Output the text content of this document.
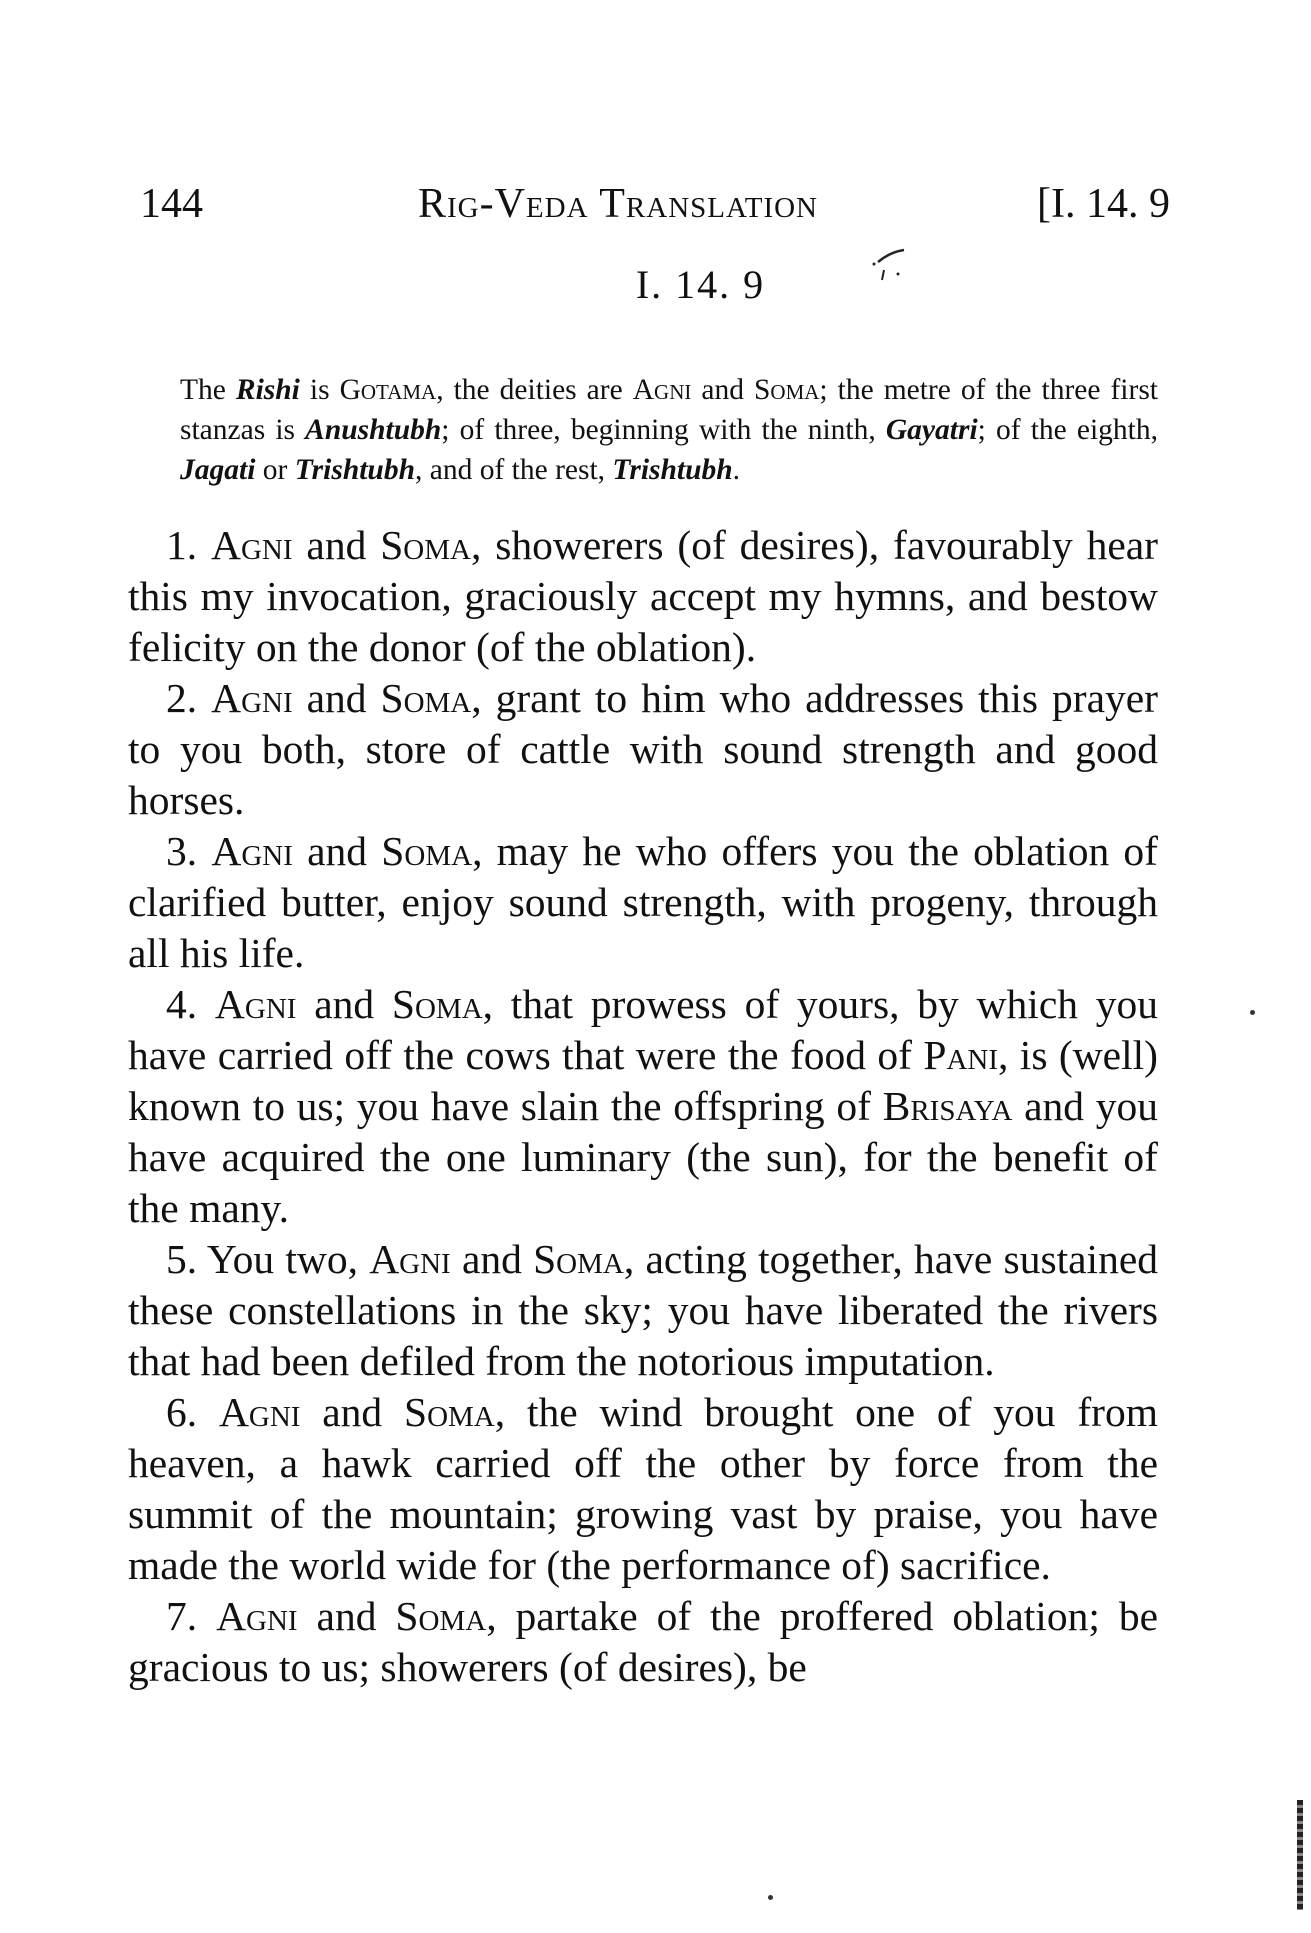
144	Rig-Veda Translation	[I. 14. 9
I. 14. 9

The Rishi is Gotama, the deities are Agni and Soma; the metre of the three first stanzas is Anushtubh; of three, beginning with the ninth, Gayatri; of the eighth, Jagati or Trishtubh, and of the rest, Trishtubh.

1. Agni and Soma, showerers (of desires), favourably hear this my invocation, graciously accept my hymns, and bestow felicity on the donor (of the oblation).

2. Agni and Soma, grant to him who addresses this prayer to you both, store of cattle with sound strength and good horses.

3. Agni and Soma, may he who offers you the oblation of clarified butter, enjoy sound strength, with progeny, through all his life.

4. Agni and Soma, that prowess of yours, by which you have carried off the cows that were the food of Pani, is (well) known to us; you have slain the offspring of Brisaya and you have acquired the one luminary (the sun), for the benefit of the many.

5. You two, Agni and Soma, acting together, have sustained these constellations in the sky; you have liberated the rivers that had been defiled from the notorious imputation.

6. Agni and Soma, the wind brought one of you from heaven, a hawk carried off the other by force from the summit of the mountain; growing vast by praise, you have made the world wide for (the performance of) sacrifice.

7. Agni and Soma, partake of the proffered oblation; be gracious to us; showerers (of desires), be
